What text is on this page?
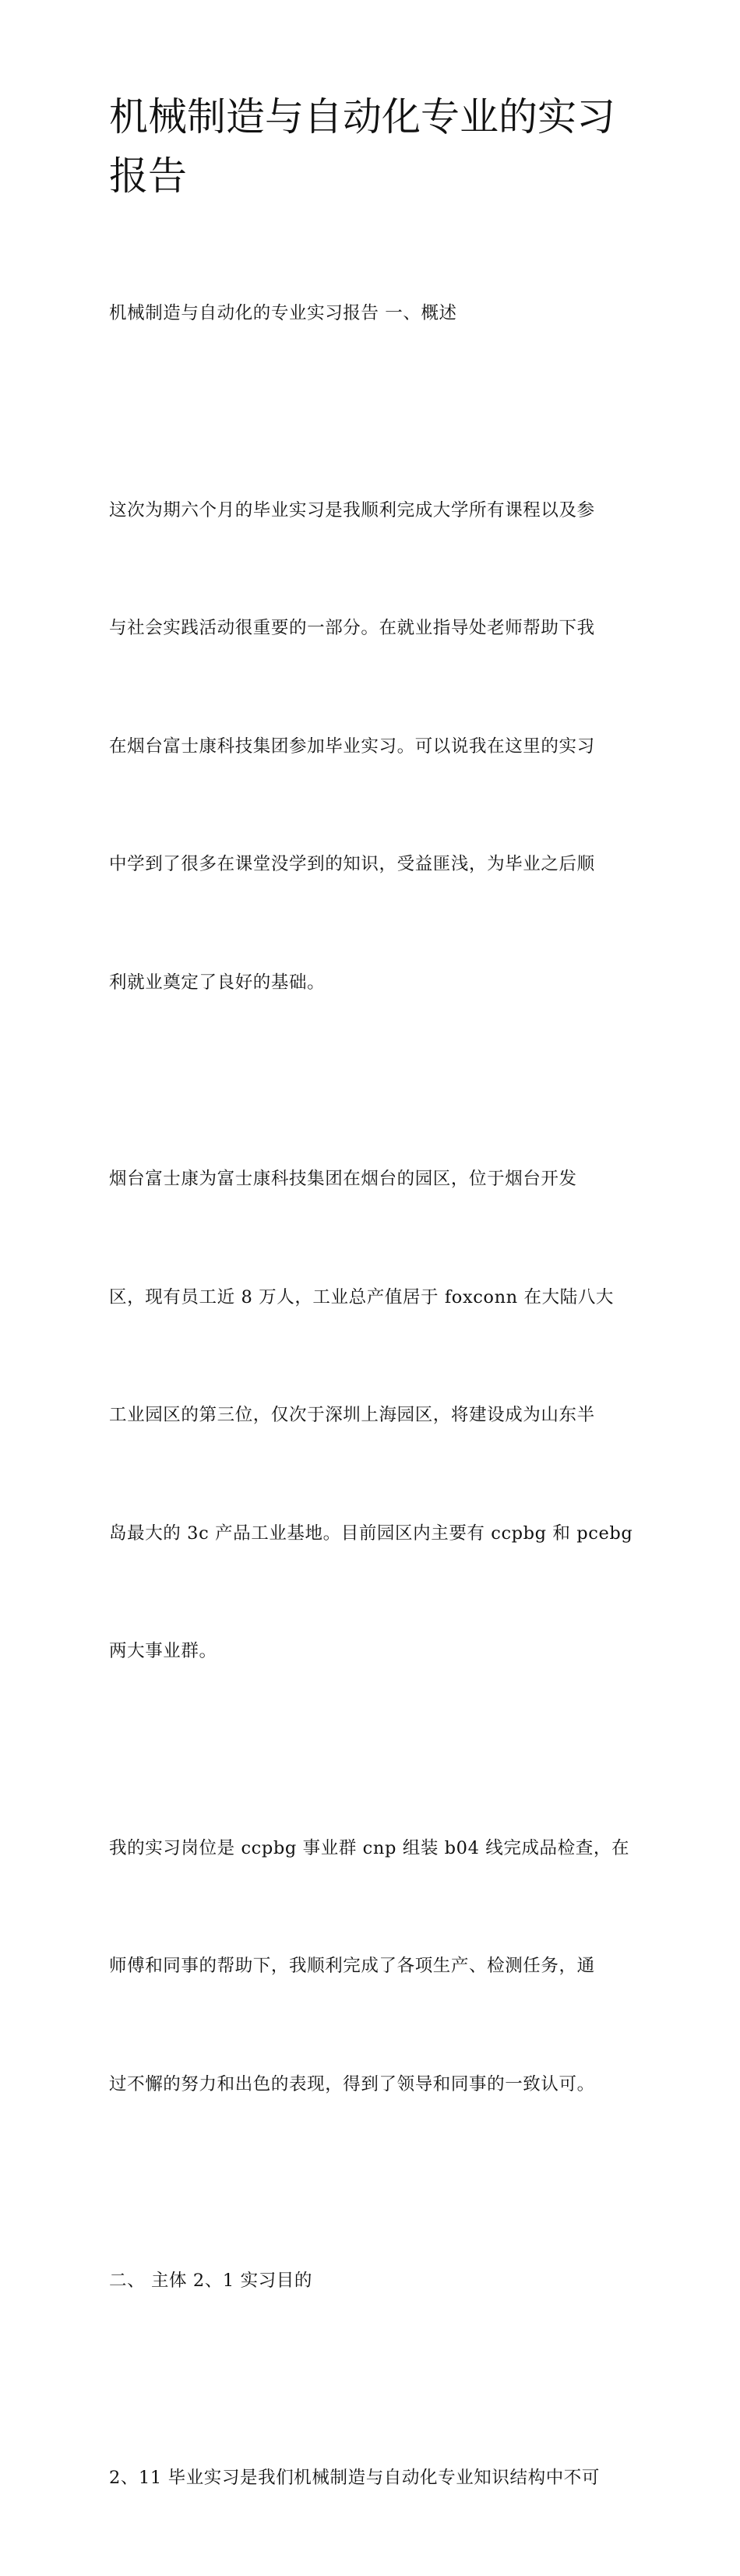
机械制造与自动化专业的实习
报告

机械制造与自动化的专业实习报告 一、概述

这次为期六个月的毕业实习是我顺利完成大学所有课程以及参

与社会实践活动很重要的一部分。在就业指导处老师帮助下我

在烟台富士康科技集团参加毕业实习。可以说我在这里的实习

中学到了很多在课堂没学到的知识，受益匪浅，为毕业之后顺

利就业奠定了良好的基础。

烟台富士康为富士康科技集团在烟台的园区，位于烟台开发

区，现有员工近 8 万人，工业总产值居于 foxconn 在大陆八大

工业园区的第三位，仅次于深圳上海园区，将建设成为山东半

岛最大的 3c 产品工业基地。目前园区内主要有 ccpbg 和 pcebg

两大事业群。

我的实习岗位是 ccpbg 事业群 cnp 组装 b04 线完成品检查，在

师傅和同事的帮助下，我顺利完成了各项生产、检测任务，通

过不懈的努力和出色的表现，得到了领导和同事的一致认可。

二、 主体 2、1 实习目的

2、11 毕业实习是我们机械制造与自动化专业知识结构中不可
